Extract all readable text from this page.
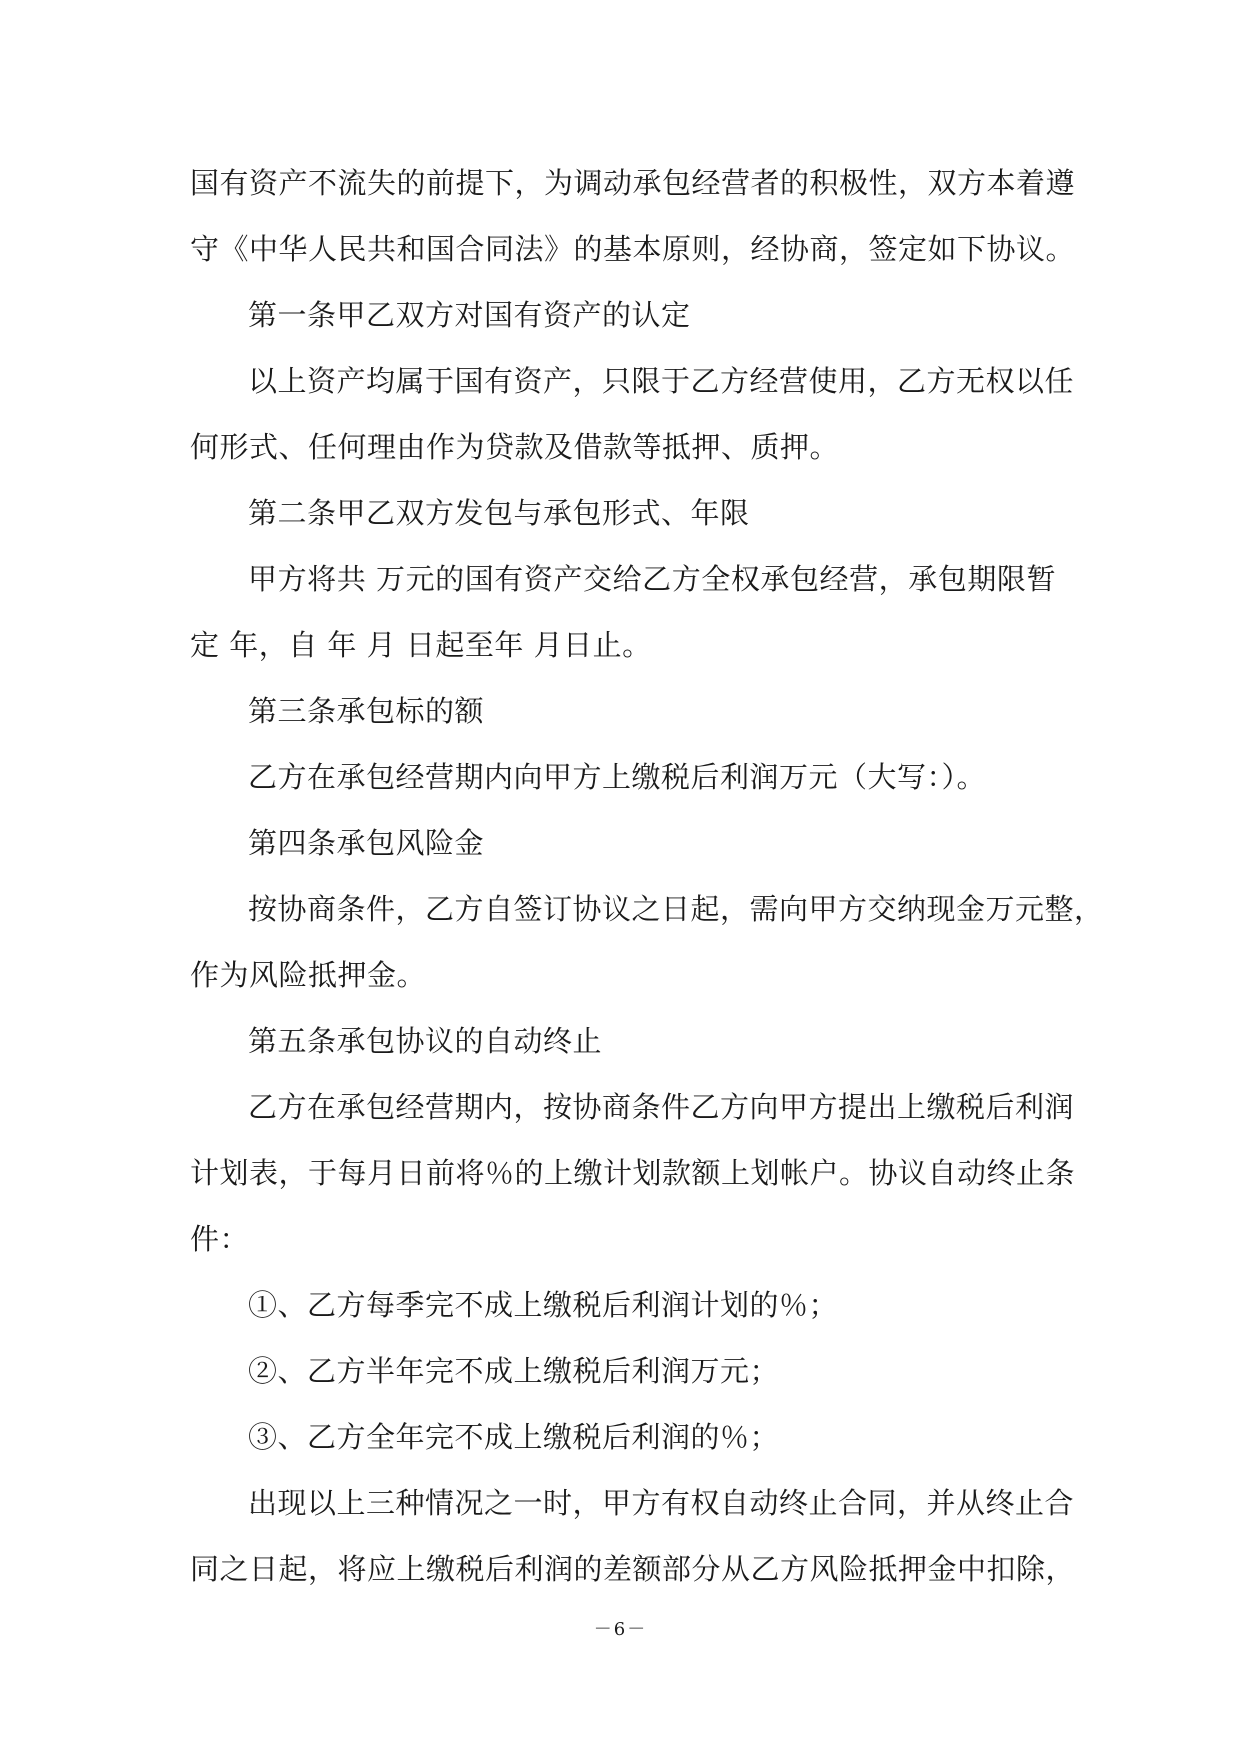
国有资产不流失的前提下，为调动承包经营者的积极性，双方本着遵
守《中华人民共和国合同法》的基本原则，经协商，签定如下协议。
第一条甲乙双方对国有资产的认定
以上资产均属于国有资产，只限于乙方经营使用，乙方无权以任
何形式、任何理由作为贷款及借款等抵押、质押。
第二条甲乙双方发包与承包形式、年限
甲方将共 万元的国有资产交给乙方全权承包经营，承包期限暂
定 年，自 年 月 日起至年 月日止。
第三条承包标的额
乙方在承包经营期内向甲方上缴税后利润万元（大写：）。
第四条承包风险金
按协商条件，乙方自签订协议之日起，需向甲方交纳现金万元整，
作为风险抵押金。
第五条承包协议的自动终止
乙方在承包经营期内，按协商条件乙方向甲方提出上缴税后利润
计划表，于每月日前将％的上缴计划款额上划帐户。协议自动终止条
件：
①、乙方每季完不成上缴税后利润计划的％；
②、乙方半年完不成上缴税后利润万元；
③、乙方全年完不成上缴税后利润的％；
出现以上三种情况之一时，甲方有权自动终止合同，并从终止合
同之日起，将应上缴税后利润的差额部分从乙方风险抵押金中扣除，
－6－
